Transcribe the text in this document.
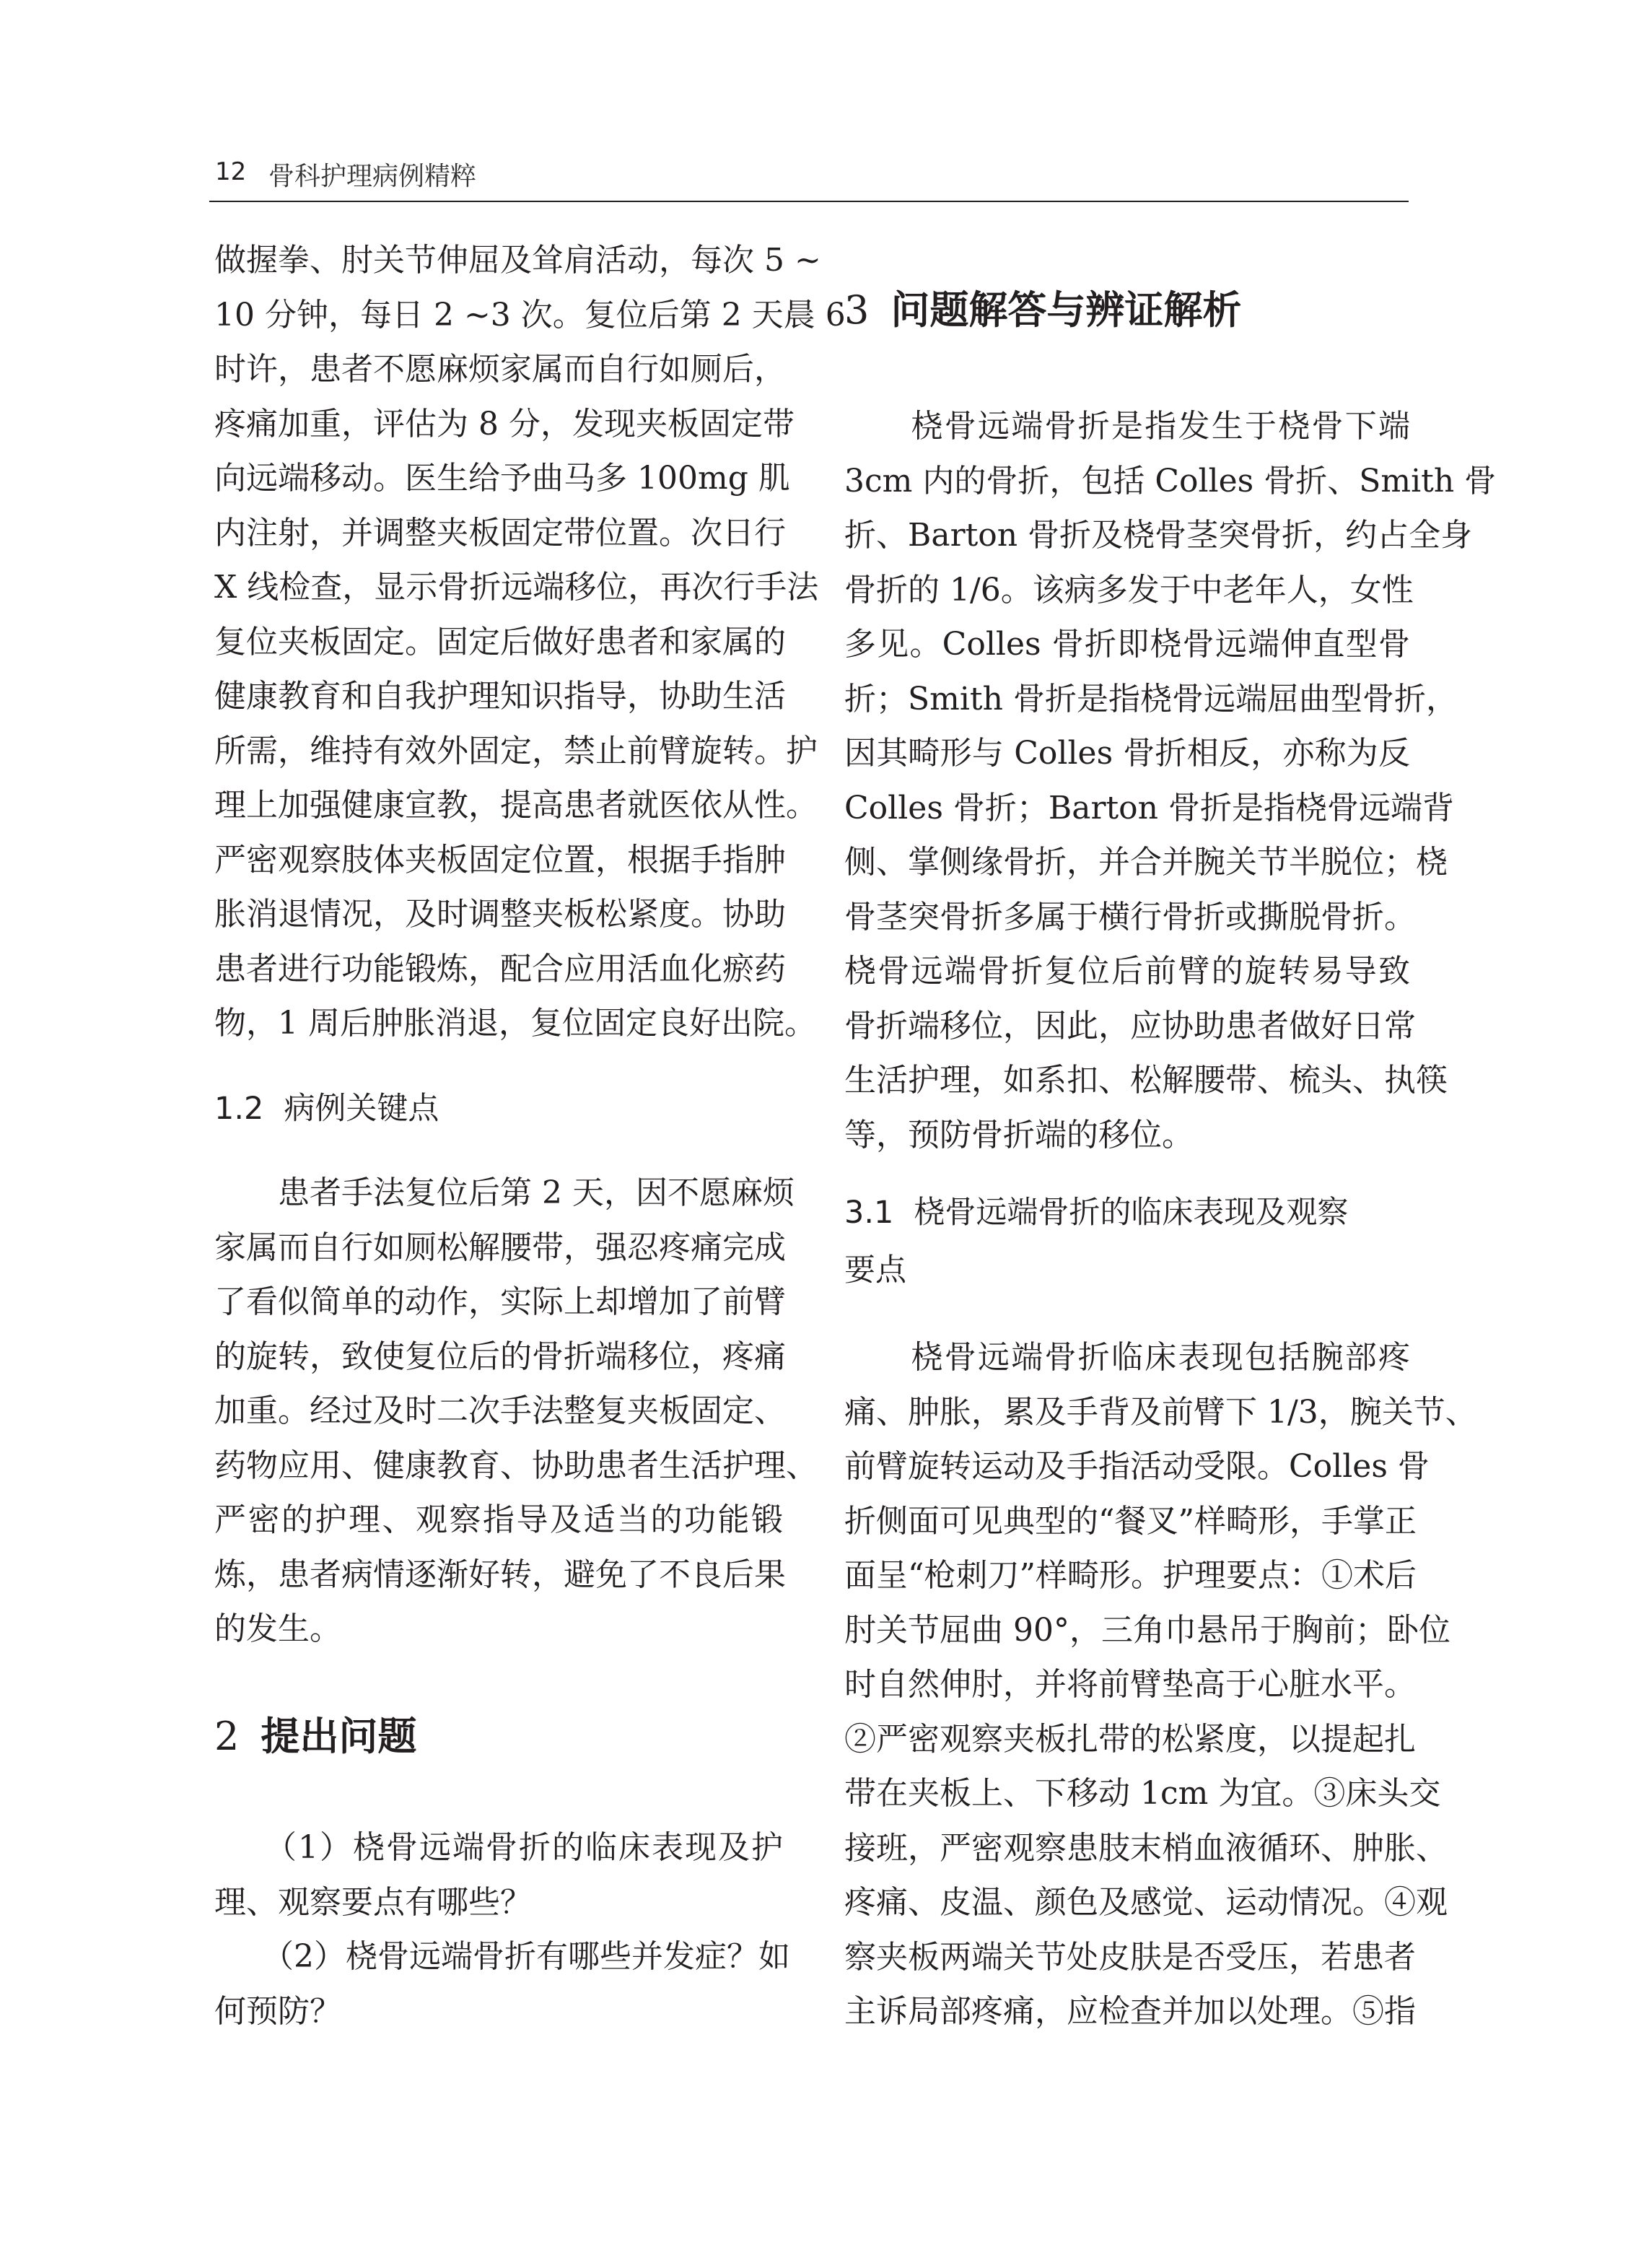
12 骨科护理病例精粹
做握拳、肘关节伸屈及耸肩活动，每次 5 ~
10 分钟，每日 2 ~3 次。复位后第 2 天晨 6
时许，患者不愿麻烦家属而自行如厕后，
疼痛加重，评估为 8 分，发现夹板固定带
向远端移动。医生给予曲马多 100mg 肌
内注射，并调整夹板固定带位置。次日行
X 线检查，显示骨折远端移位，再次行手法
复位夹板固定。固定后做好患者和家属的
健康教育和自我护理知识指导，协助生活
所需，维持有效外固定，禁止前臂旋转。护
理上加强健康宣教，提高患者就医依从性。
严密观察肢体夹板固定位置，根据手指肿
胀消退情况，及时调整夹板松紧度。协助
患者进行功能锻炼，配合应用活血化瘀药
物，1 周后肿胀消退，复位固定良好出院。
1.2 病例关键点
　　患者手法复位后第 2 天，因不愿麻烦
家属而自行如厕松解腰带，强忍疼痛完成
了看似简单的动作，实际上却增加了前臂
的旋转，致使复位后的骨折端移位，疼痛
加重。经过及时二次手法整复夹板固定、
药物应用、健康教育、协助患者生活护理、
严密的护理、观察指导及适当的功能锻
炼，患者病情逐渐好转，避免了不良后果
的发生。
2 提出问题
　　（1）桡骨远端骨折的临床表现及护
理、观察要点有哪些？
　　（2）桡骨远端骨折有哪些并发症？如
何预防？
3 问题解答与辨证解析
　　桡骨远端骨折是指发生于桡骨下端
3cm 内的骨折，包括 Colles 骨折、Smith 骨
折、Barton 骨折及桡骨茎突骨折，约占全身
骨折的 1/6。该病多发于中老年人，女性
多见。Colles 骨折即桡骨远端伸直型骨
折；Smith 骨折是指桡骨远端屈曲型骨折，
因其畸形与 Colles 骨折相反，亦称为反
Colles 骨折；Barton 骨折是指桡骨远端背
侧、掌侧缘骨折，并合并腕关节半脱位；桡
骨茎突骨折多属于横行骨折或撕脱骨折。
桡骨远端骨折复位后前臂的旋转易导致
骨折端移位，因此，应协助患者做好日常
生活护理，如系扣、松解腰带、梳头、执筷
等，预防骨折端的移位。
3.1 桡骨远端骨折的临床表现及观察
要点
　　桡骨远端骨折临床表现包括腕部疼
痛、肿胀，累及手背及前臂下 1/3，腕关节、
前臂旋转运动及手指活动受限。Colles 骨
折侧面可见典型的“餐叉”样畸形，手掌正
面呈“枪刺刀”样畸形。护理要点：①术后
肘关节屈曲 90°，三角巾悬吊于胸前；卧位
时自然伸肘，并将前臂垫高于心脏水平。
②严密观察夹板扎带的松紧度，以提起扎
带在夹板上、下移动 1cm 为宜。③床头交
接班，严密观察患肢末梢血液循环、肿胀、
疼痛、皮温、颜色及感觉、运动情况。④观
察夹板两端关节处皮肤是否受压，若患者
主诉局部疼痛，应检查并加以处理。⑤指
